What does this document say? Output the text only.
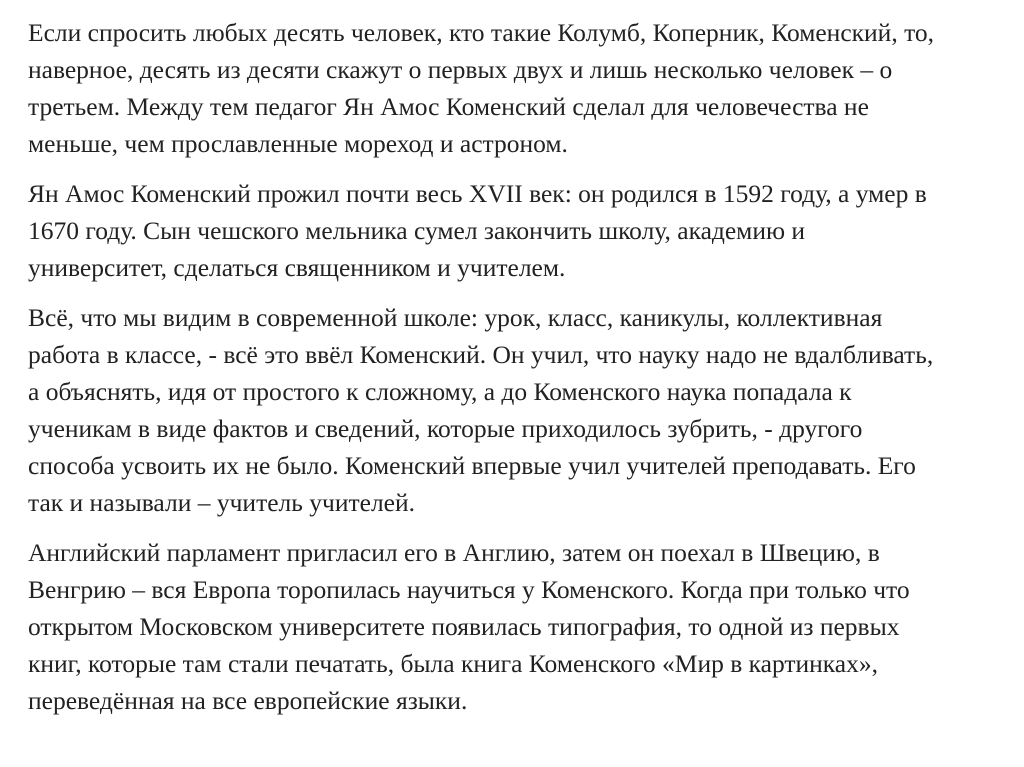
Если спросить любых десять человек, кто такие Колумб, Коперник, Коменский, то,
наверное, десять из десяти скажут о первых двух и лишь несколько человек – о
третьем. Между тем педагог Ян Амос Коменский сделал для человечества не
меньше, чем прославленные мореход и астроном.

Ян Амос Коменский прожил почти весь XVII век: он родился в 1592 году, а умер в
1670 году. Сын чешского мельника сумел закончить школу, академию и
университет, сделаться священником и учителем.

Всё, что мы видим в современной школе: урок, класс, каникулы, коллективная
работа в классе, - всё это ввёл Коменский. Он учил, что науку надо не вдалбливать,
а объяснять, идя от простого к сложному, а до Коменского наука попадала к
ученикам в виде фактов и сведений, которые приходилось зубрить, - другого
способа усвоить их не было. Коменский впервые учил учителей преподавать. Его
так и называли – учитель учителей.

Английский парламент пригласил его в Англию, затем он поехал в Швецию, в
Венгрию – вся Европа торопилась научиться у Коменского. Когда при только что
открытом Московском университете появилась типография, то одной из первых
книг, которые там стали печатать, была книга Коменского «Мир в картинках»,
переведённая на все европейские языки.
